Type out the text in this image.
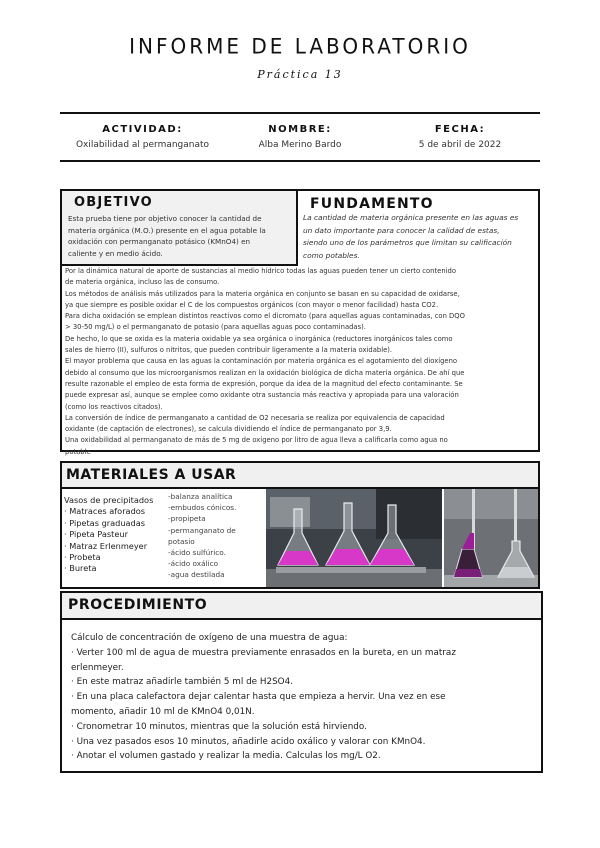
INFORME DE LABORATORIO
Práctica 13
ACTIVIDAD:
Oxilabilidad al permanganato
NOMBRE:
Alba Merino Bardo
FECHA:
5 de abril de 2022
OBJETIVO
Esta prueba tiene por objetivo conocer la cantidad de
materia orgánica (M.O.) presente en el agua potable la
oxidación con permanganato potásico (KMnO4) en
caliente y en medio ácido.
FUNDAMENTO
La cantidad de materia orgánica presente en las aguas es
un dato importante para conocer la calidad de estas,
siendo uno de los parámetros que limitan su calificación
como potables.
Por la dinámica natural de aporte de sustancias al medio hídrico todas las aguas pueden tener un cierto contenido
de materia orgánica, incluso las de consumo.
Los métodos de análisis más utilizados para la materia orgánica en conjunto se basan en su capacidad de oxidarse,
ya que siempre es posible oxidar el C de los compuestos orgánicos (con mayor o menor facilidad) hasta CO2.
Para dicha oxidación se emplean distintos reactivos como el dicromato (para aquellas aguas contaminadas, con DQO
> 30-50 mg/L) o el permanganato de potasio (para aquellas aguas poco contaminadas).
De hecho, lo que se oxida es la materia oxidable ya sea orgánica o inorgánica (reductores inorgánicos tales como
sales de hierro (II), sulfuros o nitritos, que pueden contribuir ligeramente a la materia oxidable).
El mayor problema que causa en las aguas la contaminación por materia orgánica es el agotamiento del dioxígeno
debido al consumo que los microorganismos realizan en la oxidación biológica de dicha materia orgánica. De ahí que
resulte razonable el empleo de esta forma de expresión, porque da idea de la magnitud del efecto contaminante. Se
puede expresar así, aunque se emplee como oxidante otra sustancia más reactiva y apropiada para una valoración
(como los reactivos citados).
La conversión de índice de permanganato a cantidad de O2 necesaria se realiza por equivalencia de capacidad
oxidante (de captación de electrones), se calcula dividiendo el índice de permanganato por 3,9.
Una oxidabilidad al permanganato de más de 5 mg de oxígeno por litro de agua lleva a calificarla como agua no
potable
MATERIALES A USAR
Vasos de precipitados
· Matraces aforados
· Pipetas graduadas
· Pipeta Pasteur
· Matraz Erlenmeyer
· Probeta
· Bureta
-balanza analítica
-embudos cónicos.
-propipeta
-permanganato de
potasio
-ácido sulfúrico.
-ácido oxálico
-agua destilada
PROCEDIMIENTO
Cálculo de concentración de oxígeno de una muestra de agua:
· Verter 100 ml de agua de muestra previamente enrasados en la bureta, en un matraz
erlenmeyer.
· En este matraz añadirle también 5 ml de H2SO4.
· En una placa calefactora dejar calentar hasta que empieza a hervir. Una vez en ese
momento, añadir 10 ml de KMnO4 0,01N.
· Cronometrar 10 minutos, mientras que la solución está hirviendo.
· Una vez pasados esos 10 minutos, añadirle acido oxálico y valorar con KMnO4.
· Anotar el volumen gastado y realizar la media. Calculas los mg/L O2.
